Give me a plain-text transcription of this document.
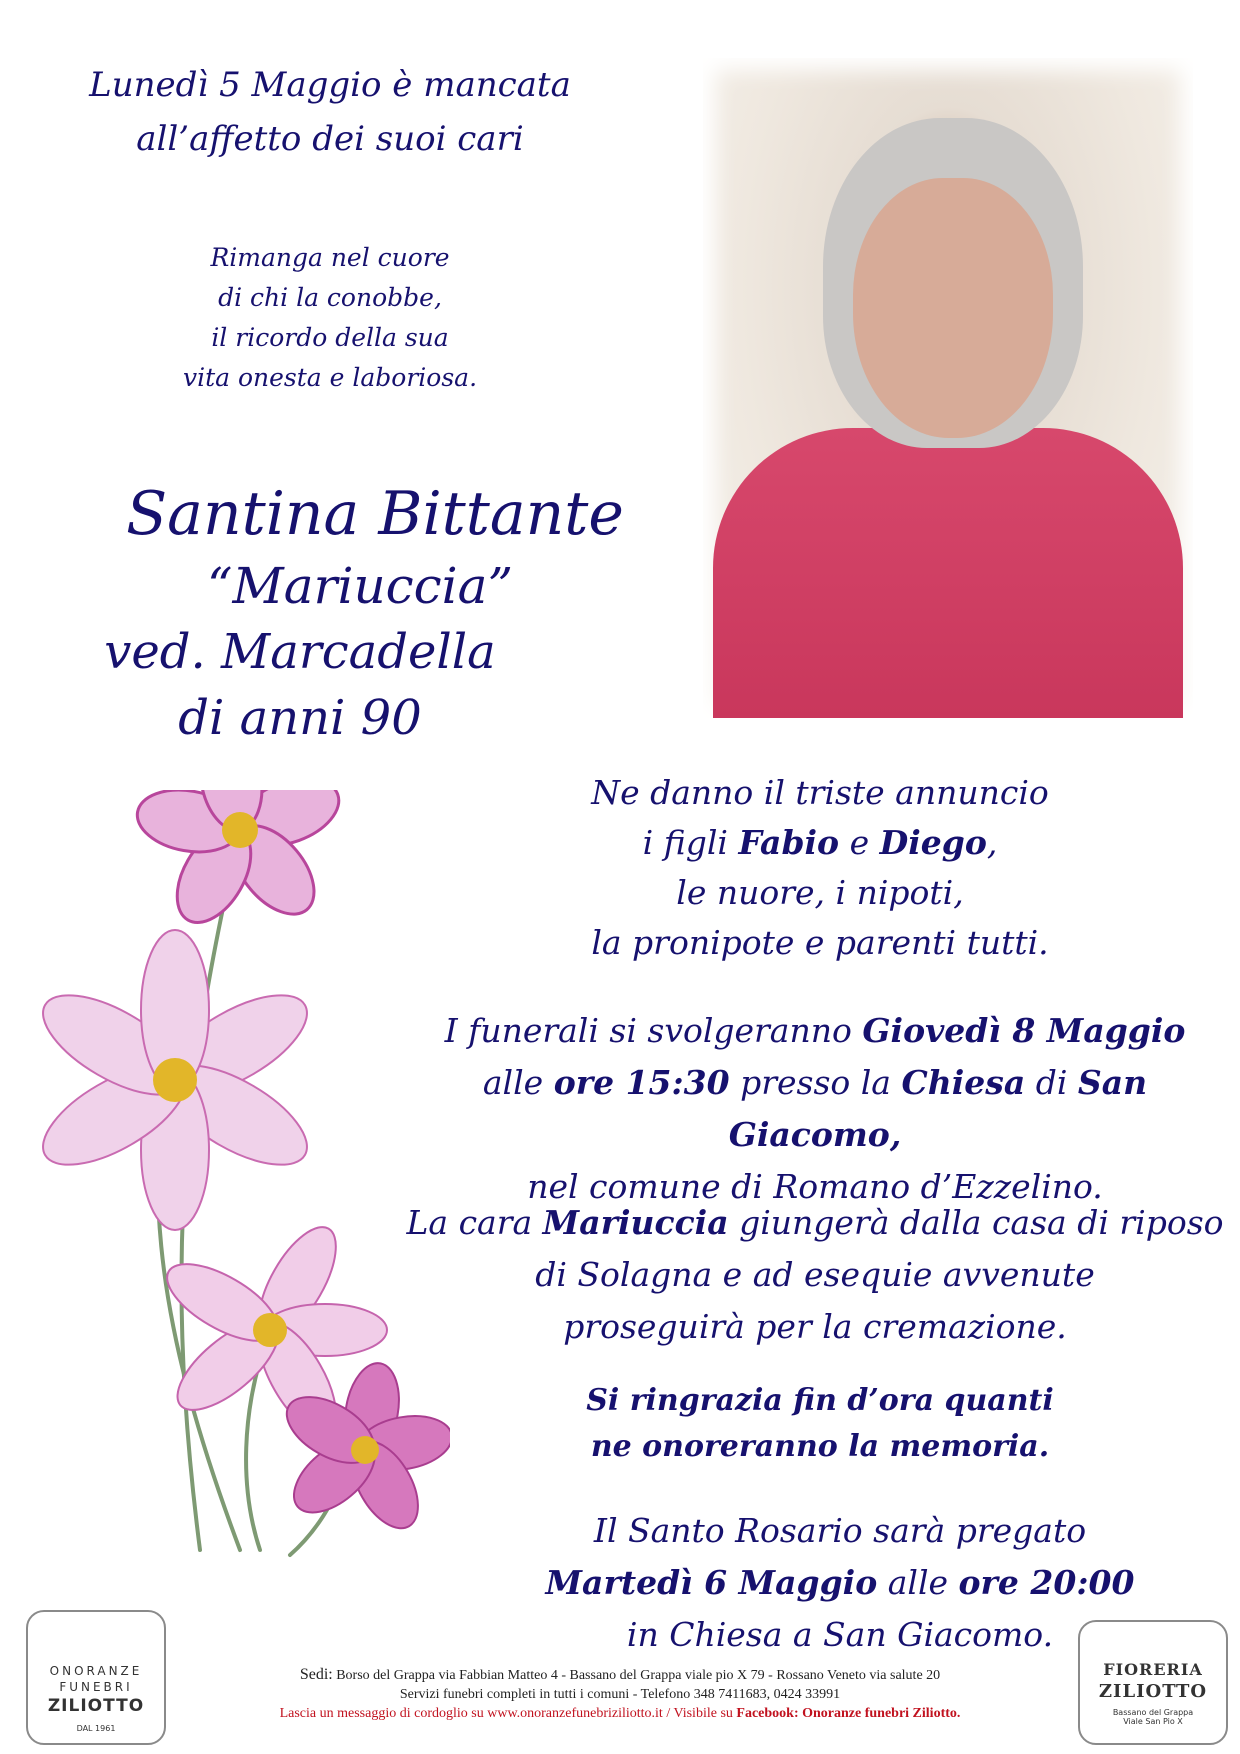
Lunedì 5 Maggio è mancata
all’affetto dei suoi cari
Rimanga nel cuore
di chi la conobbe,
il ricordo della sua
vita onesta e laboriosa.
Santina Bittante
“Mariuccia”
ved. Marcadella
di anni 90
Ne danno il triste annuncio
i figli Fabio e Diego,
le nuore, i nipoti,
la pronipote e parenti tutti.
I funerali si svolgeranno Giovedì 8 Maggio
alle ore 15:30 presso la Chiesa di San Giacomo,
nel comune di Romano d’Ezzelino.
La cara Mariuccia giungerà dalla casa di riposo
di Solagna e ad esequie avvenute
proseguirà per la cremazione.
Si ringrazia fin d’ora quanti
ne onoreranno la memoria.
Il Santo Rosario sarà pregato
Martedì 6 Maggio alle ore 20:00
in Chiesa a San Giacomo.
ONORANZE
FUNEBRI
ZILIOTTO
DAL 1961
FIORERIA
ZILIOTTO
Bassano del Grappa
Viale San Pio X
Sedi: Borso del Grappa via Fabbian Matteo 4 - Bassano del Grappa viale pio X 79 - Rossano Veneto via salute 20
Servizi funebri completi in tutti i comuni - Telefono 348 7411683, 0424 33991
Lascia un messaggio di cordoglio su www.onoranzefunebriziliotto.it / Visibile su Facebook: Onoranze funebri Ziliotto.
